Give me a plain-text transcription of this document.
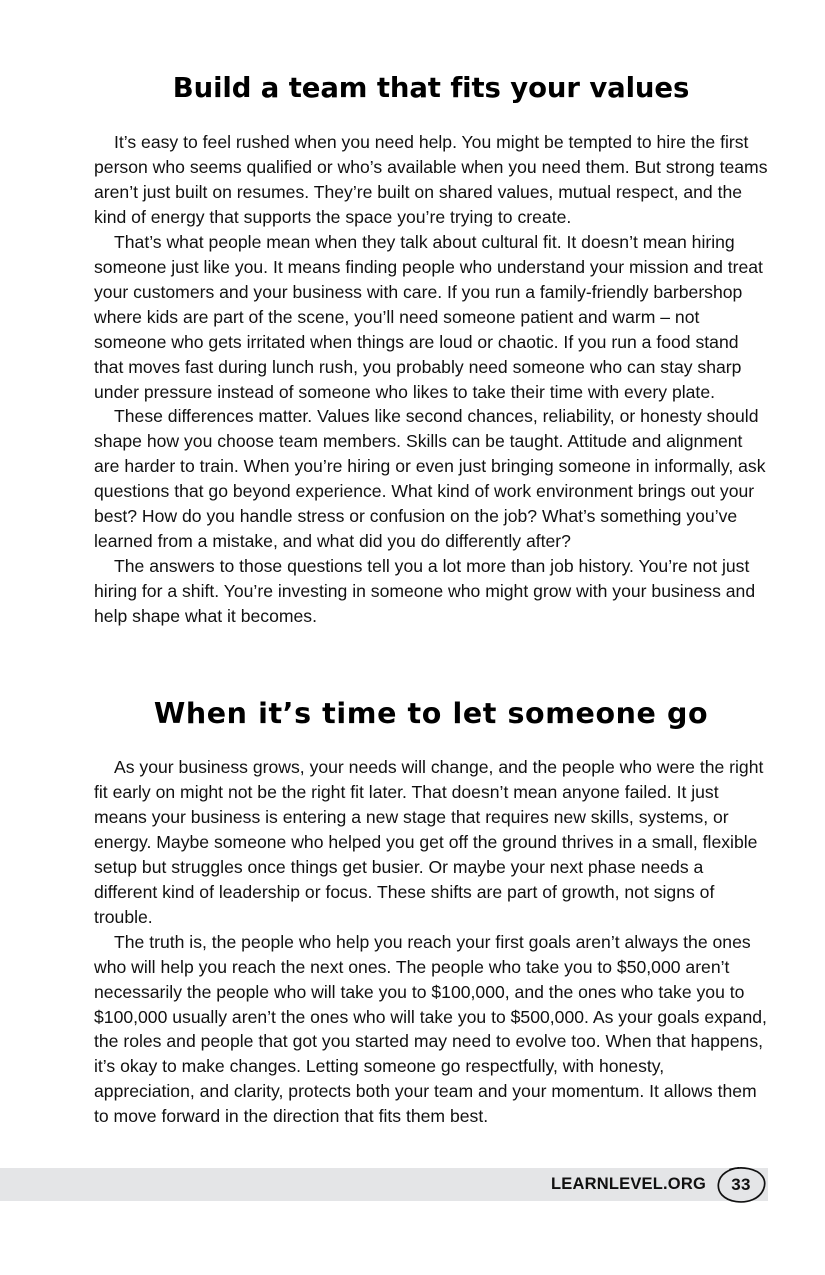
Build a team that fits your values

It’s easy to feel rushed when you need help. You might be tempted to hire the first person who seems qualified or who’s available when you need them. But strong teams aren’t just built on resumes. They’re built on shared values, mutual respect, and the kind of energy that supports the space you’re trying to create.

That’s what people mean when they talk about cultural fit. It doesn’t mean hiring someone just like you. It means finding people who understand your mission and treat your customers and your business with care. If you run a family-friendly barbershop where kids are part of the scene, you’ll need someone patient and warm – not someone who gets irritated when things are loud or chaotic. If you run a food stand that moves fast during lunch rush, you probably need someone who can stay sharp under pressure instead of someone who likes to take their time with every plate.

These differences matter. Values like second chances, reliability, or honesty should shape how you choose team members. Skills can be taught. Attitude and alignment are harder to train. When you’re hiring or even just bringing someone in informally, ask questions that go beyond experience. What kind of work environment brings out your best? How do you handle stress or confusion on the job? What’s something you’ve learned from a mistake, and what did you do differently after?

The answers to those questions tell you a lot more than job history. You’re not just hiring for a shift. You’re investing in someone who might grow with your business and help shape what it becomes.

When it’s time to let someone go

As your business grows, your needs will change, and the people who were the right fit early on might not be the right fit later. That doesn’t mean anyone failed. It just means your business is entering a new stage that requires new skills, systems, or energy. Maybe someone who helped you get off the ground thrives in a small, flexible setup but struggles once things get busier. Or maybe your next phase needs a different kind of leadership or focus. These shifts are part of growth, not signs of trouble.

The truth is, the people who help you reach your first goals aren’t always the ones who will help you reach the next ones. The people who take you to $50,000 aren’t necessarily the people who will take you to $100,000, and the ones who take you to $100,000 usually aren’t the ones who will take you to $500,000. As your goals expand, the roles and people that got you started may need to evolve too. When that happens, it’s okay to make changes. Letting someone go respectfully, with honesty, appreciation, and clarity, protects both your team and your momentum. It allows them to move forward in the direction that fits them best.

LEARNLEVEL.ORG 33
